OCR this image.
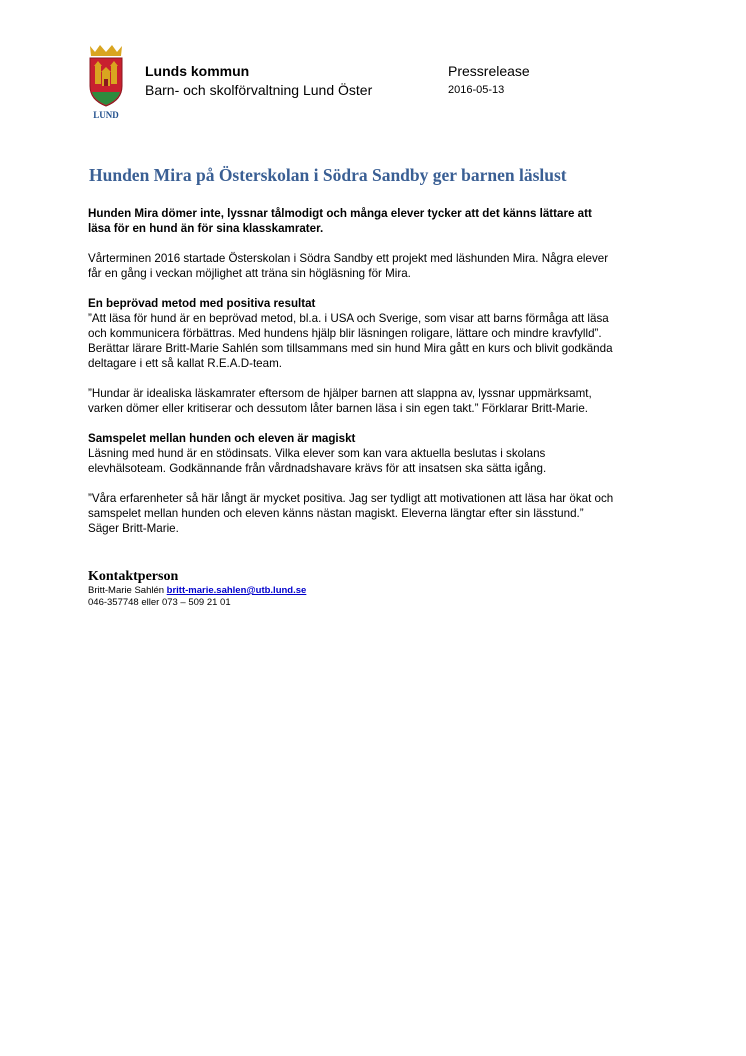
LUND
Lunds kommun
Barn- och skolförvaltning Lund Öster
Pressrelease
2016-05-13
Hunden Mira på Österskolan i Södra Sandby ger barnen läslust

Hunden Mira dömer inte, lyssnar tålmodigt och många elever tycker att det känns lättare att
läsa för en hund än för sina klasskamrater.

Vårterminen 2016 startade Österskolan i Södra Sandby ett projekt med läshunden Mira. Några elever
får en gång i veckan möjlighet att träna sin högläsning för Mira.

En beprövad metod med positiva resultat

”Att läsa för hund är en beprövad metod, bl.a. i USA och Sverige, som visar att barns förmåga att läsa
och kommunicera förbättras. Med hundens hjälp blir läsningen roligare, lättare och mindre kravfylld”.
Berättar lärare Britt-Marie Sahlén som tillsammans med sin hund Mira gått en kurs och blivit godkända
deltagare i ett så kallat R.E.A.D-team.

”Hundar är idealiska läskamrater eftersom de hjälper barnen att slappna av, lyssnar uppmärksamt,
varken dömer eller kritiserar och dessutom låter barnen läsa i sin egen takt.” Förklarar Britt-Marie.

Samspelet mellan hunden och eleven är magiskt

Läsning med hund är en stödinsats. Vilka elever som kan vara aktuella beslutas i skolans
elevhälsoteam. Godkännande från vårdnadshavare krävs för att insatsen ska sätta igång.

”Våra erfarenheter så här långt är mycket positiva. Jag ser tydligt att motivationen att läsa har ökat och
samspelet mellan hunden och eleven känns nästan magiskt. Eleverna längtar efter sin lässtund.”
Säger Britt-Marie.

Kontaktperson
Britt-Marie Sahlén britt-marie.sahlen@utb.lund.se
046-357748 eller 073 – 509 21 01
